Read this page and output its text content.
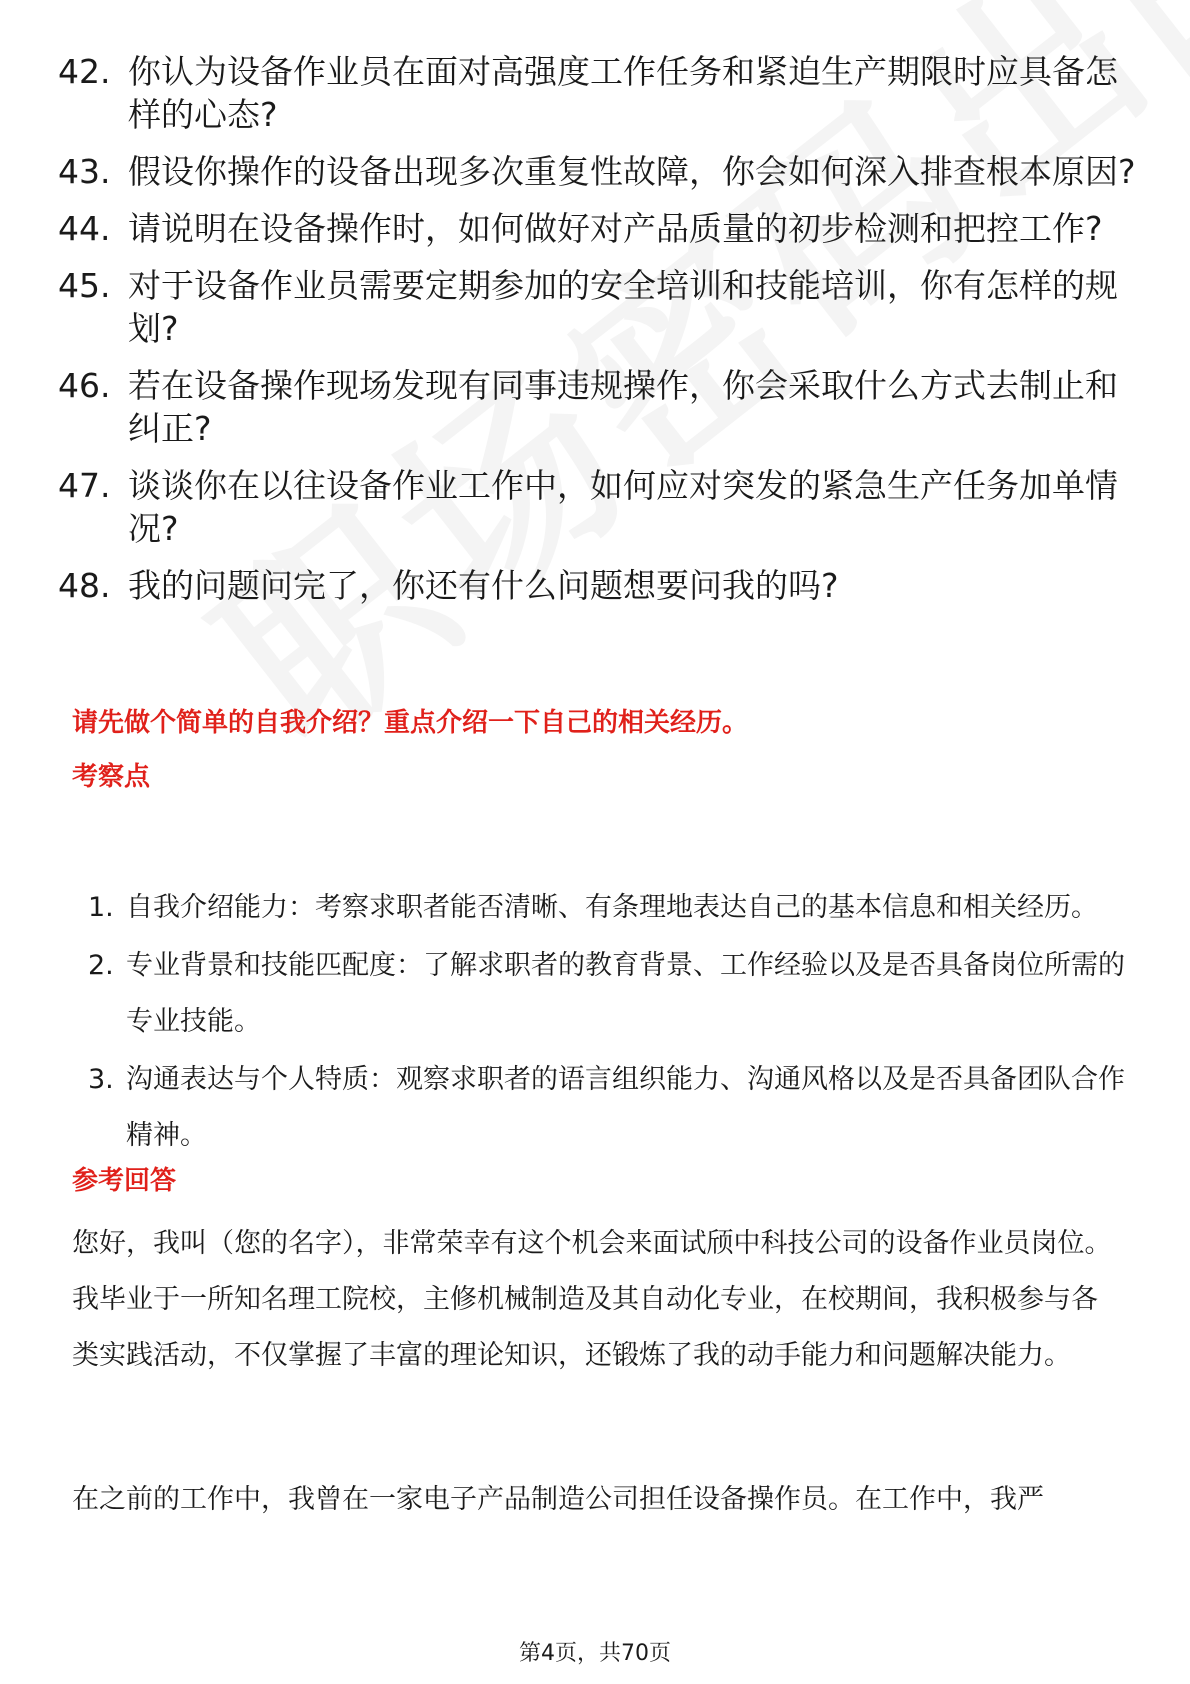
42. 你认为设备作业员在面对高强度工作任务和紧迫生产期限时应具备怎样的心态?
43. 假设你操作的设备出现多次重复性故障，你会如何深入排查根本原因?
44. 请说明在设备操作时，如何做好对产品质量的初步检测和把控工作?
45. 对于设备作业员需要定期参加的安全培训和技能培训，你有怎样的规划?
46. 若在设备操作现场发现有同事违规操作，你会采取什么方式去制止和纠正?
47. 谈谈你在以往设备作业工作中，如何应对突发的紧急生产任务加单情况?
48. 我的问题问完了，你还有什么问题想要问我的吗?
请先做个简单的自我介绍？重点介绍一下自己的相关经历。
考察点
1. 自我介绍能力：考察求职者能否清晰、有条理地表达自己的基本信息和相关经历。
2. 专业背景和技能匹配度：了解求职者的教育背景、工作经验以及是否具备岗位所需的专业技能。
3. 沟通表达与个人特质：观察求职者的语言组织能力、沟通风格以及是否具备团队合作精神。
参考回答
您好，我叫（您的名字），非常荣幸有这个机会来面试颀中科技公司的设备作业员岗位。我毕业于一所知名理工院校，主修机械制造及其自动化专业，在校期间，我积极参与各类实践活动，不仅掌握了丰富的理论知识，还锻炼了我的动手能力和问题解决能力。
在之前的工作中，我曾在一家电子产品制造公司担任设备操作员。在工作中，我严
第4页，共70页
